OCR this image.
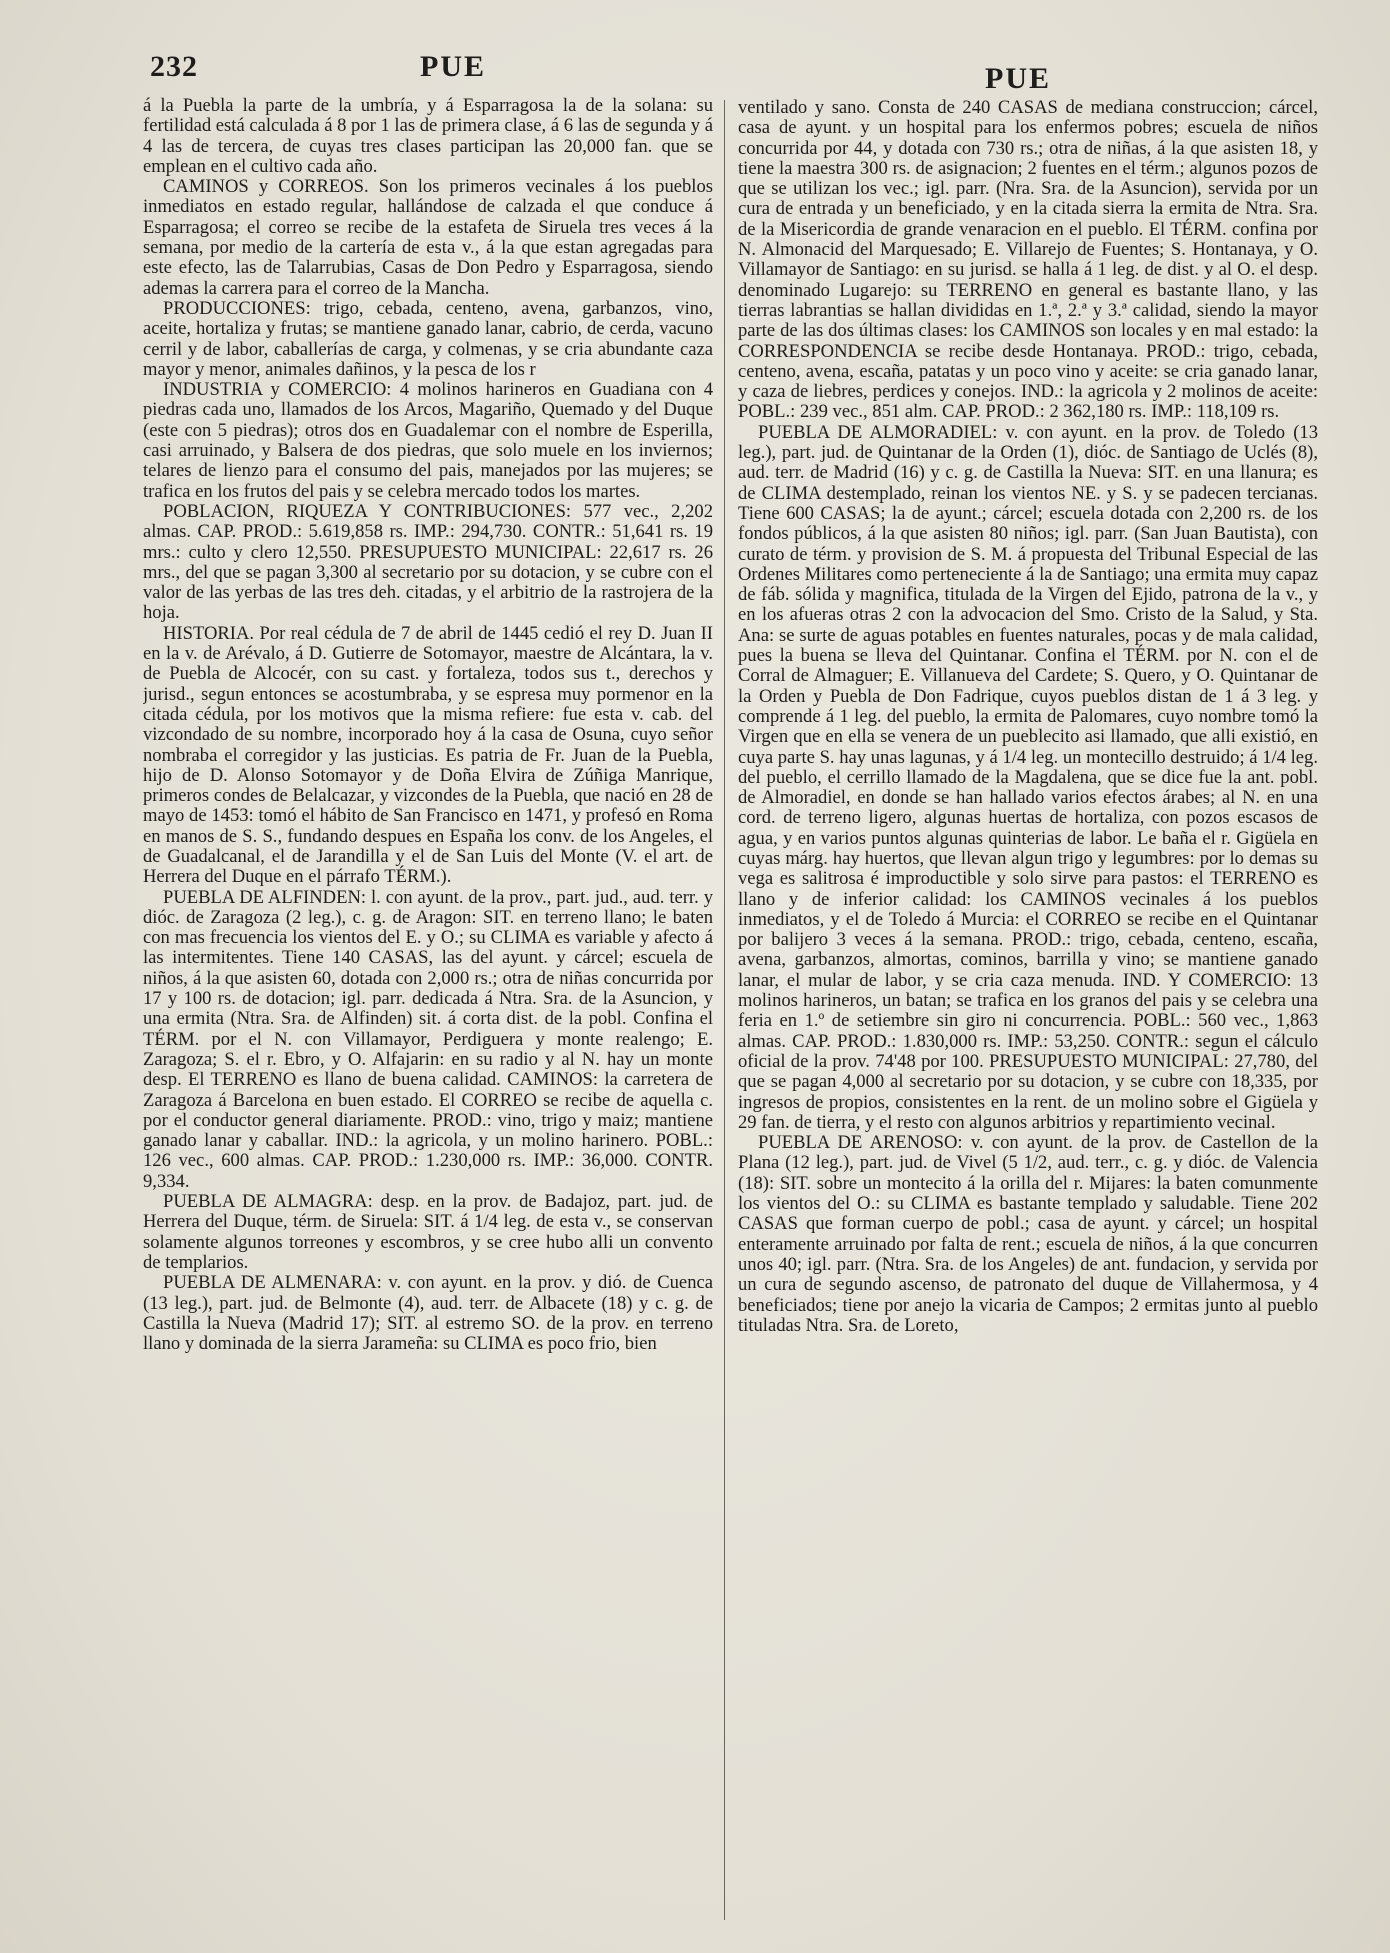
232	PUE	PUE

á la Puebla la parte de la umbría, y á Esparragosa la de la solana: su fertilidad está calculada á 8 por 1 las de primera clase, á 6 las de segunda y á 4 las de tercera, de cuyas tres clases participan las 20,000 fan. que se emplean en el cultivo cada año.

CAMINOS y CORREOS. Son los primeros vecinales á los pueblos inmediatos en estado regular, hallándose de calzada el que conduce á Esparragosa; el correo se recibe de la estafeta de Siruela tres veces á la semana, por medio de la cartería de esta v., á la que estan agregadas para este efecto, las de Talarrubias, Casas de Don Pedro y Esparragosa, siendo ademas la carrera para el correo de la Mancha.

PRODUCCIONES: trigo, cebada, centeno, avena, garbanzos, vino, aceite, hortaliza y frutas; se mantiene ganado lanar, cabrio, de cerda, vacuno cerril y de labor, caballerías de carga, y colmenas, y se cria abundante caza mayor y menor, animales dañinos, y la pesca de los r

INDUSTRIA y COMERCIO: 4 molinos harineros en Guadiana con 4 piedras cada uno, llamados de los Arcos, Magariño, Quemado y del Duque (este con 5 piedras); otros dos en Guadalemar con el nombre de Esperilla, casi arruinado, y Balsera de dos piedras, que solo muele en los inviernos; telares de lienzo para el consumo del pais, manejados por las mujeres; se trafica en los frutos del pais y se celebra mercado todos los martes.

POBLACION, RIQUEZA Y CONTRIBUCIONES: 577 vec., 2,202 almas. CAP. PROD.: 5.619,858 rs. IMP.: 294,730. CONTR.: 51,641 rs. 19 mrs.: culto y clero 12,550. PRESUPUESTO MUNICIPAL: 22,617 rs. 26 mrs., del que se pagan 3,300 al secretario por su dotacion, y se cubre con el valor de las yerbas de las tres deh. citadas, y el arbitrio de la rastrojera de la hoja.

HISTORIA. Por real cédula de 7 de abril de 1445 cedió el rey D. Juan II en la v. de Arévalo, á D. Gutierre de Sotomayor, maestre de Alcántara, la v. de Puebla de Alcocér, con su cast. y fortaleza, todos sus t., derechos y jurisd., segun entonces se acostumbraba, y se espresa muy pormenor en la citada cédula, por los motivos que la misma refiere: fue esta v. cab. del vizcondado de su nombre, incorporado hoy á la casa de Osuna, cuyo señor nombraba el corregidor y las justicias. Es patria de Fr. Juan de la Puebla, hijo de D. Alonso Sotomayor y de Doña Elvira de Zúñiga Manrique, primeros condes de Belalcazar, y vizcondes de la Puebla, que nació en 28 de mayo de 1453: tomó el hábito de San Francisco en 1471, y profesó en Roma en manos de S. S., fundando despues en España los conv. de los Angeles, el de Guadalcanal, el de Jarandilla y el de San Luis del Monte (V. el art. de Herrera del Duque en el párrafo TÉRM.).

PUEBLA DE ALFINDEN: l. con ayunt. de la prov., part. jud., aud. terr. y dióc. de Zaragoza (2 leg.), c. g. de Aragon: SIT. en terreno llano; le baten con mas frecuencia los vientos del E. y O.; su CLIMA es variable y afecto á las intermitentes. Tiene 140 CASAS, las del ayunt. y cárcel; escuela de niños, á la que asisten 60, dotada con 2,000 rs.; otra de niñas concurrida por 17 y 100 rs. de dotacion; igl. parr. dedicada á Ntra. Sra. de la Asuncion, y una ermita (Ntra. Sra. de Alfinden) sit. á corta dist. de la pobl. Confina el TÉRM. por el N. con Villamayor, Perdiguera y monte realengo; E. Zaragoza; S. el r. Ebro, y O. Alfajarin: en su radio y al N. hay un monte desp. El TERRENO es llano de buena calidad. CAMINOS: la carretera de Zaragoza á Barcelona en buen estado. El CORREO se recibe de aquella c. por el conductor general diariamente. PROD.: vino, trigo y maiz; mantiene ganado lanar y caballar. IND.: la agricola, y un molino harinero. POBL.: 126 vec., 600 almas. CAP. PROD.: 1.230,000 rs. IMP.: 36,000. CONTR. 9,334.

PUEBLA DE ALMAGRA: desp. en la prov. de Badajoz, part. jud. de Herrera del Duque, térm. de Siruela: SIT. á 1/4 leg. de esta v., se conservan solamente algunos torreones y escombros, y se cree hubo alli un convento de templarios.

PUEBLA DE ALMENARA: v. con ayunt. en la prov. y dió. de Cuenca (13 leg.), part. jud. de Belmonte (4), aud. terr. de Albacete (18) y c. g. de Castilla la Nueva (Madrid 17); SIT. al estremo SO. de la prov. en terreno llano y dominada de la sierra Jarameña: su CLIMA es poco frio, bien

ventilado y sano. Consta de 240 CASAS de mediana construccion; cárcel, casa de ayunt. y un hospital para los enfermos pobres; escuela de niños concurrida por 44, y dotada con 730 rs.; otra de niñas, á la que asisten 18, y tiene la maestra 300 rs. de asignacion; 2 fuentes en el térm.; algunos pozos de que se utilizan los vec.; igl. parr. (Nra. Sra. de la Asuncion), servida por un cura de entrada y un beneficiado, y en la citada sierra la ermita de Ntra. Sra. de la Misericordia de grande venaracion en el pueblo. El TÉRM. confina por N. Almonacid del Marquesado; E. Villarejo de Fuentes; S. Hontanaya, y O. Villamayor de Santiago: en su jurisd. se halla á 1 leg. de dist. y al O. el desp. denominado Lugarejo: su TERRENO en general es bastante llano, y las tierras labrantias se hallan divididas en 1.ª, 2.ª y 3.ª calidad, siendo la mayor parte de las dos últimas clases: los CAMINOS son locales y en mal estado: la CORRESPONDENCIA se recibe desde Hontanaya. PROD.: trigo, cebada, centeno, avena, escaña, patatas y un poco vino y aceite: se cria ganado lanar, y caza de liebres, perdices y conejos. IND.: la agricola y 2 molinos de aceite: POBL.: 239 vec., 851 alm. CAP. PROD.: 2 362,180 rs. IMP.: 118,109 rs.

PUEBLA DE ALMORADIEL: v. con ayunt. en la prov. de Toledo (13 leg.), part. jud. de Quintanar de la Orden (1), dióc. de Santiago de Uclés (8), aud. terr. de Madrid (16) y c. g. de Castilla la Nueva: SIT. en una llanura; es de CLIMA destemplado, reinan los vientos NE. y S. y se padecen tercianas. Tiene 600 CASAS; la de ayunt.; cárcel; escuela dotada con 2,200 rs. de los fondos públicos, á la que asisten 80 niños; igl. parr. (San Juan Bautista), con curato de térm. y provision de S. M. á propuesta del Tribunal Especial de las Ordenes Militares como perteneciente á la de Santiago; una ermita muy capaz de fáb. sólida y magnifica, titulada de la Virgen del Ejido, patrona de la v., y en los afueras otras 2 con la advocacion del Smo. Cristo de la Salud, y Sta. Ana: se surte de aguas potables en fuentes naturales, pocas y de mala calidad, pues la buena se lleva del Quintanar. Confina el TÉRM. por N. con el de Corral de Almaguer; E. Villanueva del Cardete; S. Quero, y O. Quintanar de la Orden y Puebla de Don Fadrique, cuyos pueblos distan de 1 á 3 leg. y comprende á 1 leg. del pueblo, la ermita de Palomares, cuyo nombre tomó la Virgen que en ella se venera de un pueblecito asi llamado, que alli existió, en cuya parte S. hay unas lagunas, y á 1/4 leg. un montecillo destruido; á 1/4 leg. del pueblo, el cerrillo llamado de la Magdalena, que se dice fue la ant. pobl. de Almoradiel, en donde se han hallado varios efectos árabes; al N. en una cord. de terreno ligero, algunas huertas de hortaliza, con pozos escasos de agua, y en varios puntos algunas quinterias de labor. Le baña el r. Gigüela en cuyas márg. hay huertos, que llevan algun trigo y legumbres: por lo demas su vega es salitrosa é improductible y solo sirve para pastos: el TERRENO es llano y de inferior calidad: los CAMINOS vecinales á los pueblos inmediatos, y el de Toledo á Murcia: el CORREO se recibe en el Quintanar por balijero 3 veces á la semana. PROD.: trigo, cebada, centeno, escaña, avena, garbanzos, almortas, cominos, barrilla y vino; se mantiene ganado lanar, el mular de labor, y se cria caza menuda. IND. Y COMERCIO: 13 molinos harineros, un batan; se trafica en los granos del pais y se celebra una feria en 1.º de setiembre sin giro ni concurrencia. POBL.: 560 vec., 1,863 almas. CAP. PROD.: 1.830,000 rs. IMP.: 53,250. CONTR.: segun el cálculo oficial de la prov. 74'48 por 100. PRESUPUESTO MUNICIPAL: 27,780, del que se pagan 4,000 al secretario por su dotacion, y se cubre con 18,335, por ingresos de propios, consistentes en la rent. de un molino sobre el Gigüela y 29 fan. de tierra, y el resto con algunos arbitrios y repartimiento vecinal.

PUEBLA DE ARENOSO: v. con ayunt. de la prov. de Castellon de la Plana (12 leg.), part. jud. de Vivel (5 1/2, aud. terr., c. g. y dióc. de Valencia (18): SIT. sobre un montecito á la orilla del r. Mijares: la baten comunmente los vientos del O.: su CLIMA es bastante templado y saludable. Tiene 202 CASAS que forman cuerpo de pobl.; casa de ayunt. y cárcel; un hospital enteramente arruinado por falta de rent.; escuela de niños, á la que concurren unos 40; igl. parr. (Ntra. Sra. de los Angeles) de ant. fundacion, y servida por un cura de segundo ascenso, de patronato del duque de Villahermosa, y 4 beneficiados; tiene por anejo la vicaria de Campos; 2 ermitas junto al pueblo tituladas Ntra. Sra. de Loreto,
